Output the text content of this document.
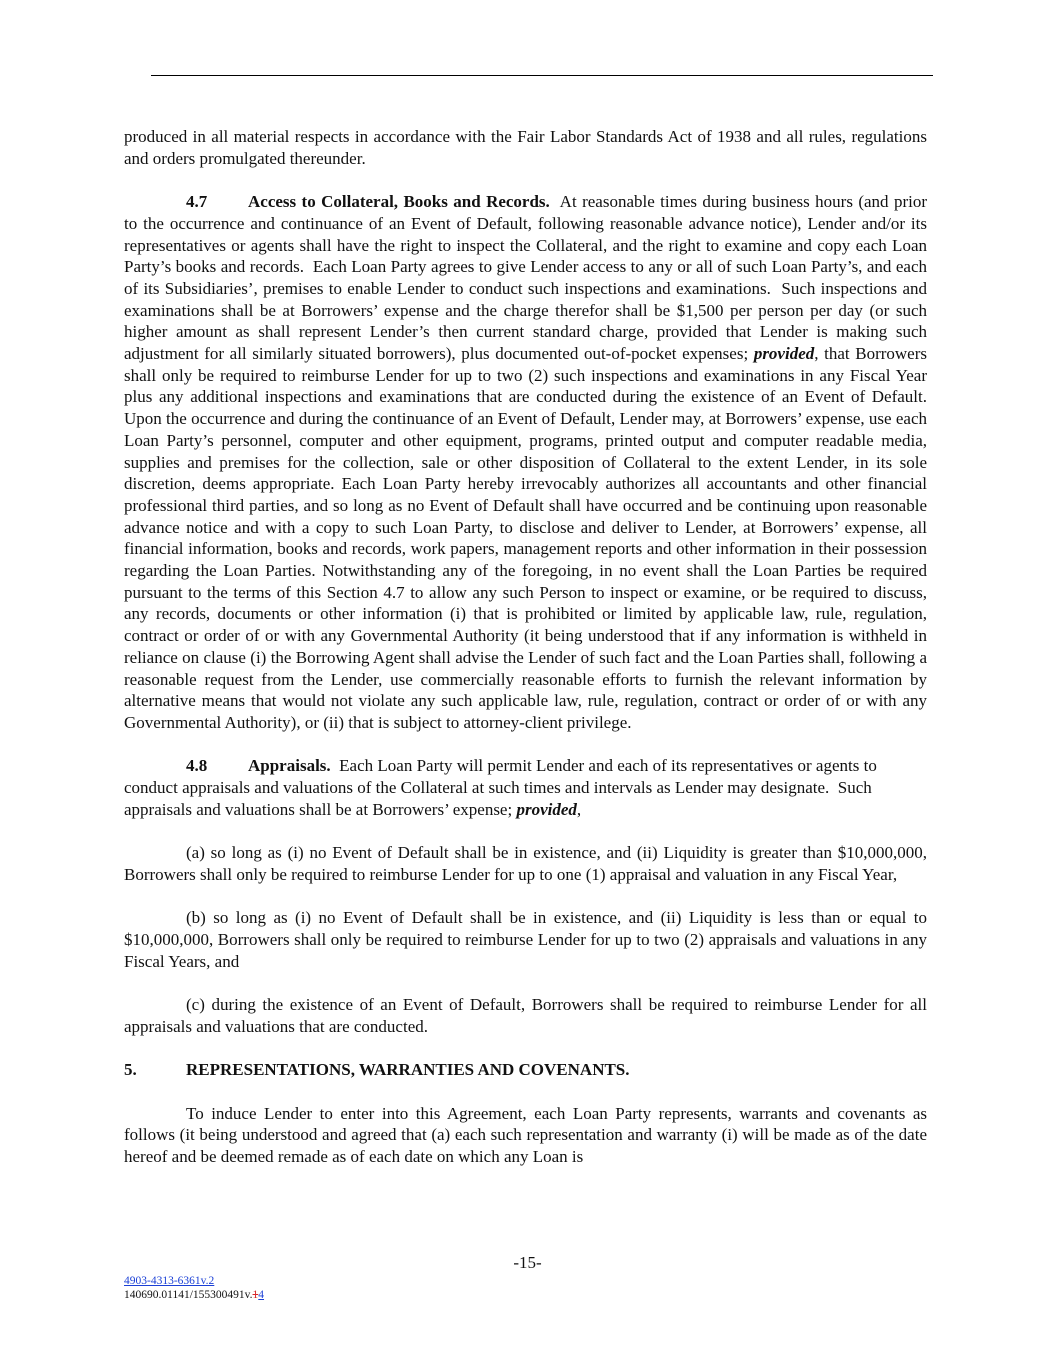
produced in all material respects in accordance with the Fair Labor Standards Act of 1938 and all rules, regulations and orders promulgated thereunder.

4.7 Access to Collateral, Books and Records.  At reasonable times during business hours (and prior to the occurrence and continuance of an Event of Default, following reasonable advance notice), Lender and/or its representatives or agents shall have the right to inspect the Collateral, and the right to examine and copy each Loan Party’s books and records.  Each Loan Party agrees to give Lender access to any or all of such Loan Party’s, and each of its Subsidiaries’, premises to enable Lender to conduct such inspections and examinations.  Such inspections and examinations shall be at Borrowers’ expense and the charge therefor shall be $1,500 per person per day (or such higher amount as shall represent Lender’s then current standard charge, provided that Lender is making such adjustment for all similarly situated borrowers), plus documented out-of-pocket expenses; provided, that Borrowers shall only be required to reimburse Lender for up to two (2) such inspections and examinations in any Fiscal Year plus any additional inspections and examinations that are conducted during the existence of an Event of Default. Upon the occurrence and during the continuance of an Event of Default, Lender may, at Borrowers’ expense, use each Loan Party’s personnel, computer and other equipment, programs, printed output and computer readable media, supplies and premises for the collection, sale or other disposition of Collateral to the extent Lender, in its sole discretion, deems appropriate. Each Loan Party hereby irrevocably authorizes all accountants and other financial professional third parties, and so long as no Event of Default shall have occurred and be continuing upon reasonable advance notice and with a copy to such Loan Party, to disclose and deliver to Lender, at Borrowers’ expense, all financial information, books and records, work papers, management reports and other information in their possession regarding the Loan Parties. Notwithstanding any of the foregoing, in no event shall the Loan Parties be required pursuant to the terms of this Section 4.7 to allow any such Person to inspect or examine, or be required to discuss, any records, documents or other information (i) that is prohibited or limited by applicable law, rule, regulation, contract or order of or with any Governmental Authority (it being understood that if any information is withheld in reliance on clause (i) the Borrowing Agent shall advise the Lender of such fact and the Loan Parties shall, following a reasonable request from the Lender, use commercially reasonable efforts to furnish the relevant information by alternative means that would not violate any such applicable law, rule, regulation, contract or order of or with any Governmental Authority), or (ii) that is subject to attorney-client privilege.

4.8 Appraisals.  Each Loan Party will permit Lender and each of its representatives or agents to conduct appraisals and valuations of the Collateral at such times and intervals as Lender may designate.  Such appraisals and valuations shall be at Borrowers’ expense; provided,

(a) so long as (i) no Event of Default shall be in existence, and (ii) Liquidity is greater than $10,000,000, Borrowers shall only be required to reimburse Lender for up to one (1) appraisal and valuation in any Fiscal Year,

(b) so long as (i) no Event of Default shall be in existence, and (ii) Liquidity is less than or equal to $10,000,000, Borrowers shall only be required to reimburse Lender for up to two (2) appraisals and valuations in any Fiscal Years, and

(c) during the existence of an Event of Default, Borrowers shall be required to reimburse Lender for all appraisals and valuations that are conducted.

5.	REPRESENTATIONS, WARRANTIES AND COVENANTS.

To induce Lender to enter into this Agreement, each Loan Party represents, warrants and covenants as follows (it being understood and agreed that (a) each such representation and warranty (i) will be made as of the date hereof and be deemed remade as of each date on which any Loan is

-15-
4903-4313-6361v.2
140690.01141/155300491v.14
